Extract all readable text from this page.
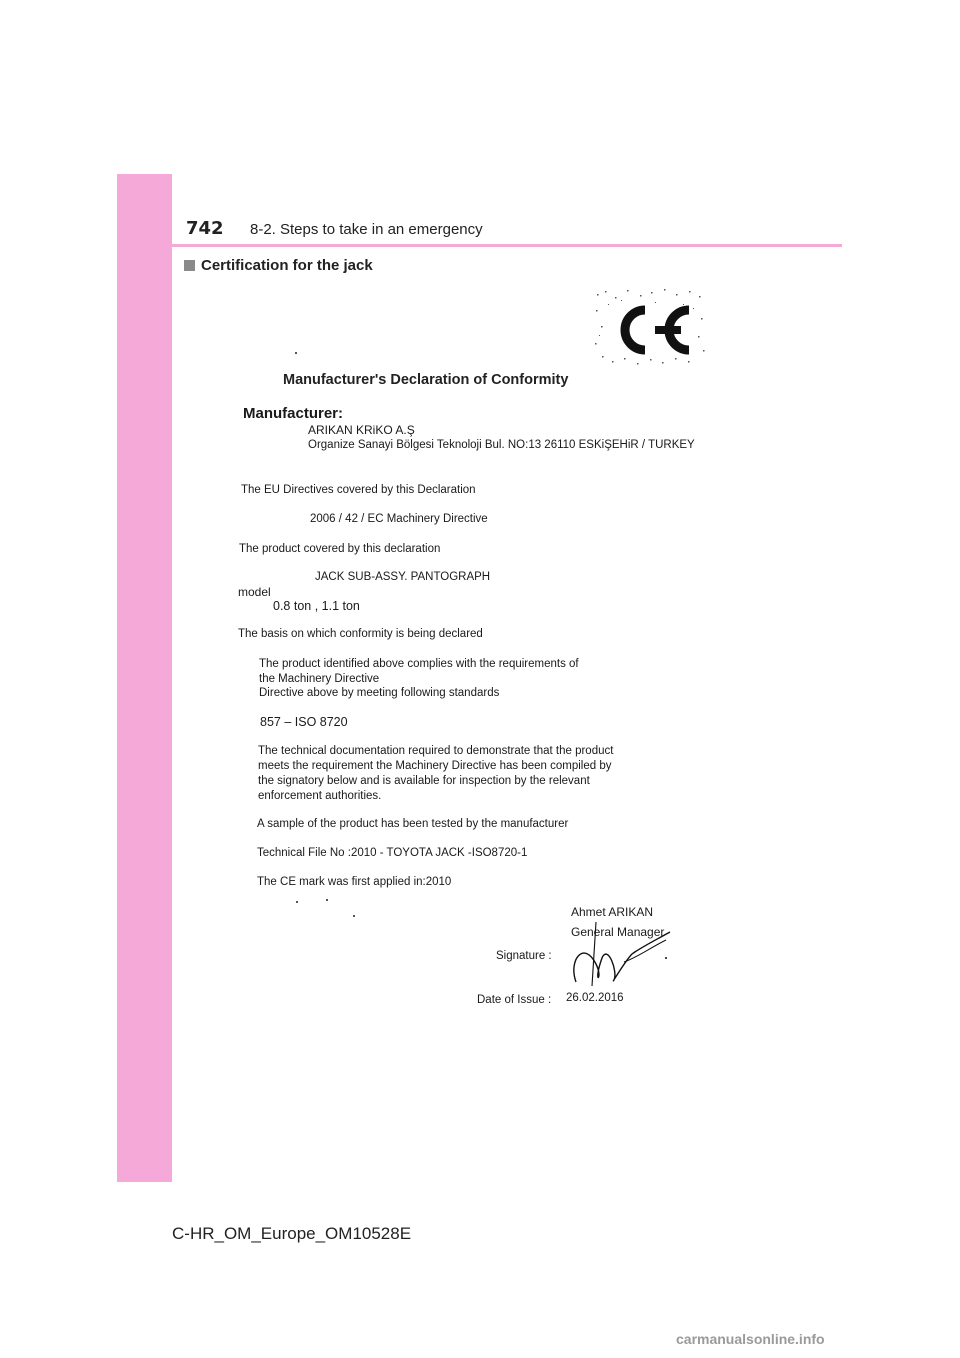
742 8-2. Steps to take in an emergency
Certification for the jack
Manufacturer's Declaration of Conformity
Manufacturer:
ARIKAN KRiKO A.Ş
Organize Sanayi Bölgesi Teknoloji Bul. NO:13 26110 ESKiŞEHiR / TURKEY
The EU Directives covered by this Declaration
2006 / 42 / EC Machinery Directive
The product covered by this declaration
JACK SUB-ASSY. PANTOGRAPH
model
0.8 ton , 1.1 ton
The basis on which conformity is being declared
The product identified above complies with the requirements of
the Machinery Directive
Directive above by meeting following standards
857 – ISO 8720
The technical documentation required to demonstrate that the product
meets the requirement the Machinery Directive has been compiled by
the signatory below and is available for inspection by the relevant
enforcement authorities.
A sample of the product has been tested by the manufacturer
Technical File No :2010 - TOYOTA JACK -ISO8720-1
The CE mark was first applied in:2010
Ahmet ARIKAN
General Manager
Signature :
Date of Issue : 26.02.2016
C-HR_OM_Europe_OM10528E
carmanualsonline.info
